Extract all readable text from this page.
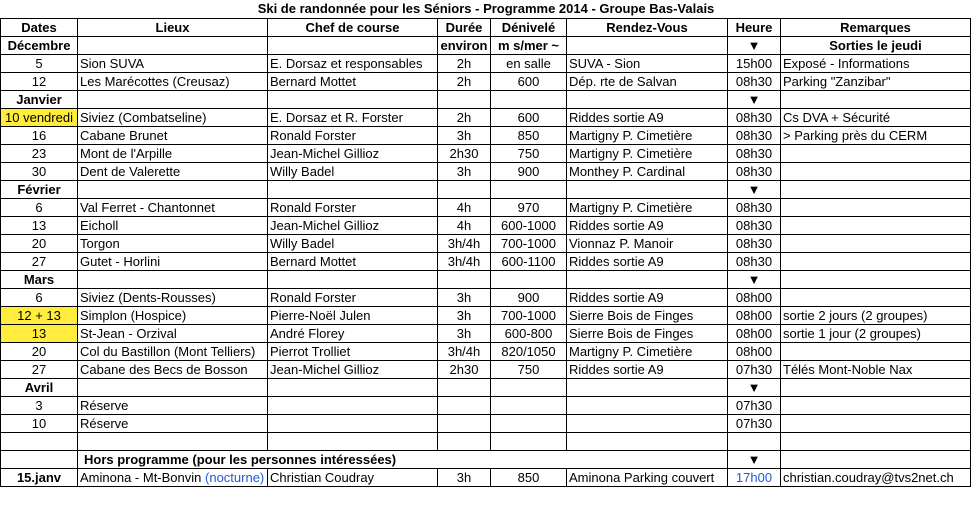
Ski de randonnée pour les Séniors - Programme 2014 - Groupe Bas-Valais
Dates	Lieux	Chef de course	Durée	Dénivelé	Rendez-Vous	Heure	Remarques
Décembre			environ	m s/mer ~		▼	Sorties le jeudi
5	Sion SUVA	E. Dorsaz et responsables	2h	en salle	SUVA - Sion	15h00	Exposé - Informations
12	Les Marécottes (Creusaz)	Bernard Mottet	2h	600	Dép. rte de Salvan	08h30	Parking "Zanzibar"
Janvier						▼	
10 vendredi	Siviez (Combatseline)	E. Dorsaz et R. Forster	2h	600	Riddes sortie A9	08h30	Cs DVA + Sécurité
16	Cabane Brunet	Ronald Forster	3h	850	Martigny P. Cimetière	08h30	> Parking près du CERM
23	Mont de l'Arpille	Jean-Michel Gillioz	2h30	750	Martigny P. Cimetière	08h30	
30	Dent de Valerette	Willy Badel	3h	900	Monthey P. Cardinal	08h30	
Février						▼	
6	Val Ferret - Chantonnet	Ronald Forster	4h	970	Martigny P. Cimetière	08h30	
13	Eicholl	Jean-Michel Gillioz	4h	600-1000	Riddes sortie A9	08h30	
20	Torgon	Willy Badel	3h/4h	700-1000	Vionnaz P. Manoir	08h30	
27	Gutet - Horlini	Bernard Mottet	3h/4h	600-1100	Riddes sortie A9	08h30	
Mars						▼	
6	Siviez (Dents-Rousses)	Ronald Forster	3h	900	Riddes sortie A9	08h00	
12 + 13	Simplon (Hospice)	Pierre-Noël Julen	3h	700-1000	Sierre Bois de Finges	08h00	sortie 2 jours (2 groupes)
13	St-Jean - Orzival	André Florey	3h	600-800	Sierre Bois de Finges	08h00	sortie 1 jour (2 groupes)
20	Col du Bastillon (Mont Telliers)	Pierrot Trolliet	3h/4h	820/1050	Martigny P. Cimetière	08h00	
27	Cabane des Becs de Bosson	Jean-Michel Gillioz	2h30	750	Riddes sortie A9	07h30	Télés Mont-Noble Nax
Avril						▼	
3	Réserve					07h30	
10	Réserve					07h30	

	Hors programme (pour les personnes intéressées)					▼	
15.janv	Aminona - Mt-Bonvin (nocturne)	Christian Coudray	3h	850	Aminona Parking couvert	17h00	christian.coudray@tvs2net.ch
